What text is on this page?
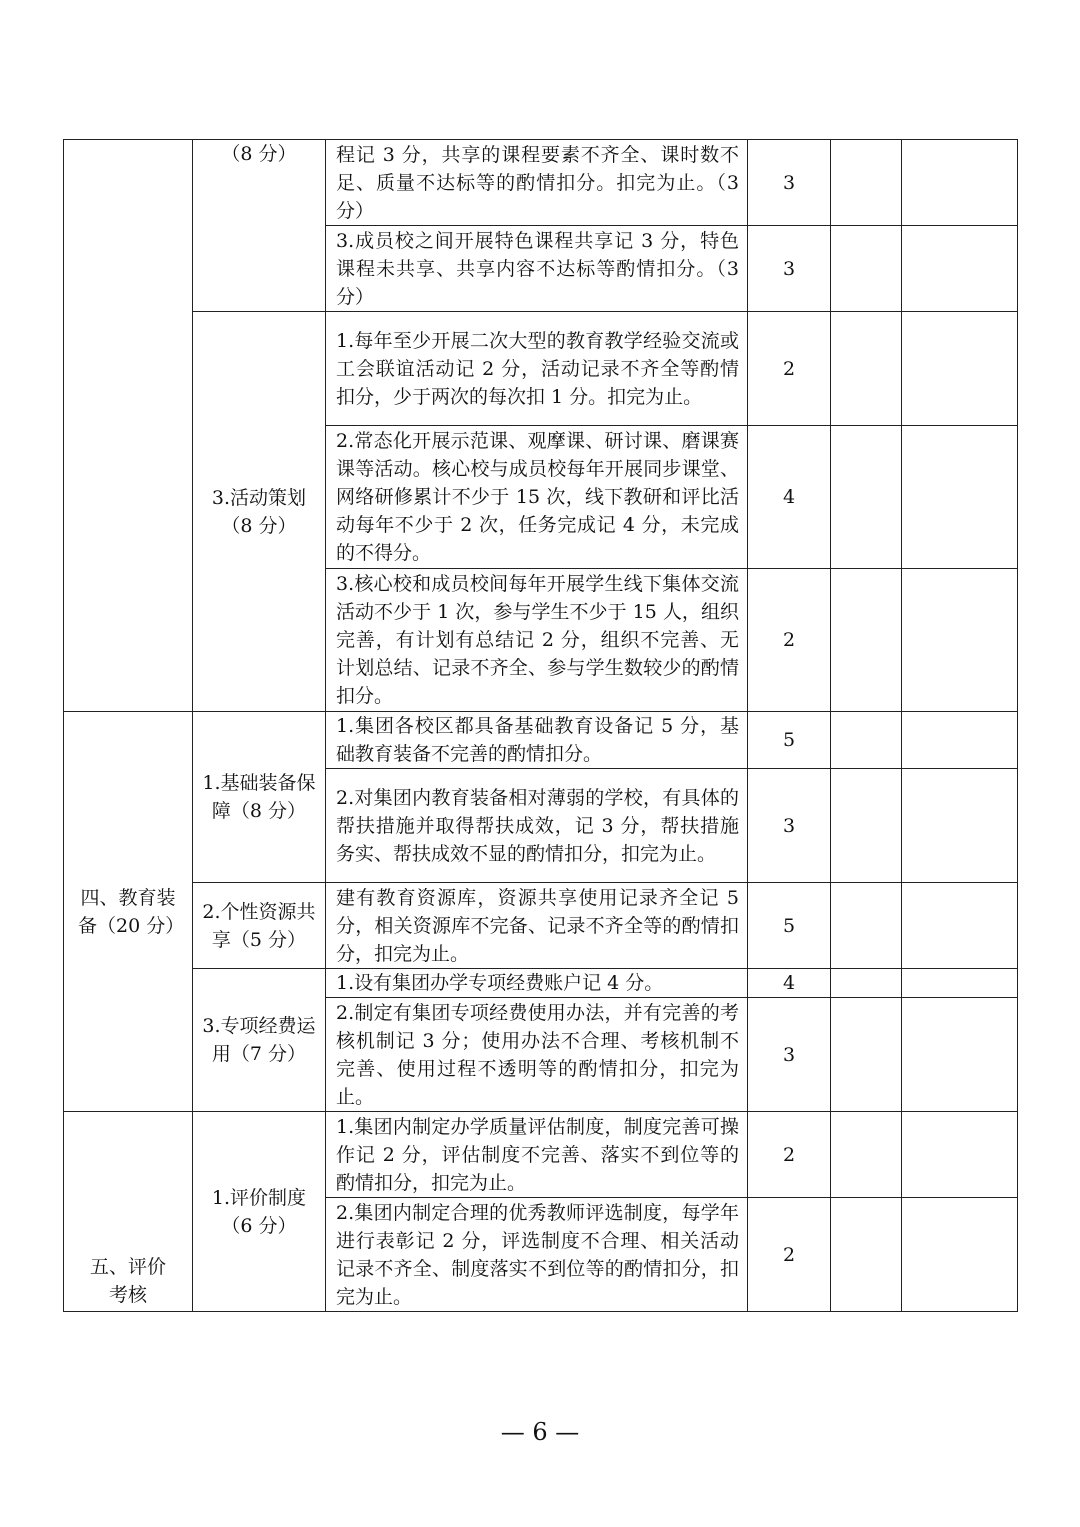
	（8 分）	程记 3 分，共享的课程要素不齐全、课时数不足、质量不达标等的酌情扣分。扣完为止。（3 分）	3		

		3.成员校之间开展特色课程共享记 3 分，特色课程未共享、共享内容不达标等酌情扣分。（3 分）	3		

	3.活动策划（8 分）	1.每年至少开展二次大型的教育教学经验交流或工会联谊活动记 2 分，活动记录不齐全等酌情扣分，少于两次的每次扣 1 分。扣完为止。	2		

		2.常态化开展示范课、观摩课、研讨课、磨课赛课等活动。核心校与成员校每年开展同步课堂、网络研修累计不少于 15 次，线下教研和评比活动每年不少于 2 次，任务完成记 4 分，未完成的不得分。	4		

		3.核心校和成员校间每年开展学生线下集体交流活动不少于 1 次，参与学生不少于 15 人，组织完善，有计划有总结记 2 分，组织不完善、无计划总结、记录不齐全、参与学生数较少的酌情扣分。	2		

四、教育装备（20 分）	1.基础装备保障（8 分）	1.集团各校区都具备基础教育设备记 5 分，基础教育装备不完善的酌情扣分。	5		

		2.对集团内教育装备相对薄弱的学校，有具体的帮扶措施并取得帮扶成效，记 3 分，帮扶措施务实、帮扶成效不显的酌情扣分，扣完为止。	3		

	2.个性资源共享（5 分）	建有教育资源库，资源共享使用记录齐全记 5 分，相关资源库不完备、记录不齐全等的酌情扣分，扣完为止。	5		

	3.专项经费运用（7 分）	1.设有集团办学专项经费账户记 4 分。	4		

		2.制定有集团专项经费使用办法，并有完善的考核机制记 3 分；使用办法不合理、考核机制不完善、使用过程不透明等的酌情扣分，扣完为止。	3		

五、评价考核	1.评价制度（6 分）	1.集团内制定办学质量评估制度，制度完善可操作记 2 分，评估制度不完善、落实不到位等的酌情扣分，扣完为止。	2		

		2.集团内制定合理的优秀教师评选制度，每学年进行表彰记 2 分，评选制度不合理、相关活动记录不齐全、制度落实不到位等的酌情扣分，扣完为止。	2		
— 6 —
